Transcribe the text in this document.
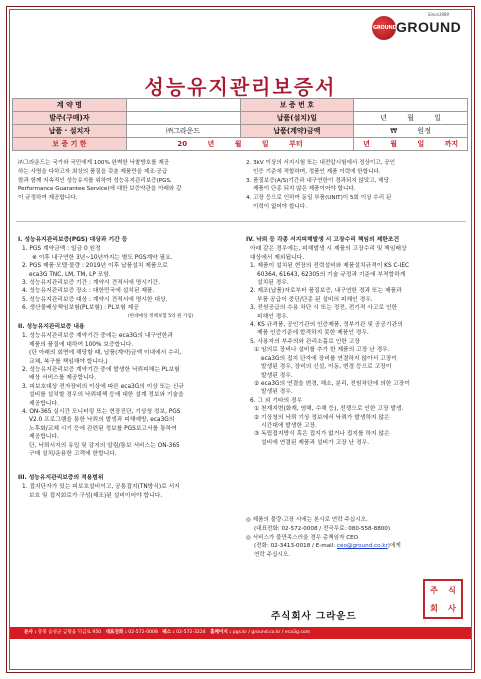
Since1989
GROUND GROUND
성능유지관리보증서
계 약 명		보 증 번 호	
발주(구매)자		납품(설치)일	년 월 일
납품 · 설치자	㈜그라운드	납품(계약)금액	₩ 원정
보 증 기 한	20 년 월 일 부터		년 월 일 까지
㈜그라운드는 국가와 국민에게 100% 완벽한 낙찰방호를 제공
하는 사명을 다하고자 최상의 품질을 갖춘 제품만을 제조·공급
함과 함께 지속적인 성능유지를 위하여 성능유지관리보증(PGS,
Performance Guarantee Service)에 대한 보증약관을 아래와 같
이 규정하여 제공합니다.
2. 3kV 이상의 서지시험 또는 내전압시험에서 정상이고, 공인
인증 기준에 적합하며, 정품인 제품 이력에 한합니다.
3. 품질보증(A/S)기간과 내구연한이 경과되지 않았고, 해당
제품이 단종 되지 않은 제품이어야 합니다.
4. 고장 등으로 인하여 동일 부품(UNIT)이 5회 이상 수리 된
이력이 없어야 합니다.
I. 성능유지관리보증(PGS) 대상과 기간 등
1. PGS 계약금액 : 일금 0 원정
※ 이후 내구연한 3년~10년까지는 별도 PGS계약 필요.
2. PGS 제품·모델·물량 : 2019년 이후 납품설치 제품으로
eca3G TNC, LM, TM, LP 포함.
3. 성능유지관리보증 기간 : 계약시 견적서에 명시기간.
4. 성능유지관리보증 장소 : 대한민국에 설치된 제품.
5. 성능유지관리보증 대상 : 계약시 견적서에 명시한 대상.
6. 생산물배상책임보험(PL보험) : PL보험 제공
(한대애상 정책보험 5억 원 가입)
II. 성능유지관리보증 내용
1. 성능유지관리보증 계약기간 중에는 eca3G의 내구연한과
제품의 품질에 대하여 100% 보증합니다.
(단 아래의 회면에 해당할 때, 납품(계약)금액 이내에서 수리,
교체, 복구를 책임해야 합니다.)
2. 성능유지관리보증 계약기간 중에 발생한 낙뢰피해는 PL보험
배상 서비스를 제공합니다.
3. 피보호대상 전자장비의 이상에 따른 eca3G의 이상 또는 신규
설비를 설치할 경우의 낙뢰대책 등에 대한 설계 정보와 기술을
제공합니다.
4. ON-365 실시간 모니터링 또는 현장진단, 기상청 정보, PGS
V2.0 프로그램을 통한 낙뢰의 발생과 피해예방, eca3G의
노후화/교체 시기 등에 관련된 정보를 PGS보고서를 통하여
제공합니다.
단, 낙뢰서지의 유입 및 감지의 알림/통보 서비스는 ON-365
구매 설치/운용한 고객에 한합니다.
III. 성능유지관리보증의 적용범위
1. 접지단자가 있는 피보호설비이고, 공통접지(TN방식)로 서지
보호 및 접지회로가 구성(제조)된 설비이어야 합니다.
IV. 낙뢰 등 각종 서지피해발생 시 고장수리 책임의 제한조건
아래 같은 경우에는, 피해발생 시 제품의 고장수리 및 책임배상
대상에서 제외됩니다.
1. 제품이 설치된 현장의 전력설비와 제품설치규격이 KS C-IEC
60364, 61643, 62305의 기술 규정과 기준에 부적합하게
설치된 경우.
2. 제조(납품)자로부터 품질보증, 내구연한 경과 또는 제품과
부품 공급이 중단/단종 된 설비의 피해인 경우.
3. 전원공급의 수용 차단 시 또는 정전, 전기적 사고로 인한
피해인 경우.
4. KS 규격품, 공인기관의 인증제품, 정부기관 및 공공기관의
제품 인증기준에 합격하지 못한 제품인 경우.
5. 사용자의 부주의와 관리소홀로 인한 고장
① 임의로 장비나 설비를 추가 한 제품의 고장 난 경우.
eca3G의 접지 단자에 장비를 연결하지 않아서 고장이
발생된 경우, 장비의 신설, 이동, 변경 등으로 고장이
발생된 경우.
② eca3G의 연결을 변경, 해소, 분리, 전원차단에 의한 고장이
발생된 경우.
6. 그 외 기타의 경우
① 천재지변(화재, 염해, 수해 등), 전쟁으로 인한 고장 발생.
② 기상청의 낙뢰 기상 정보에서 낙뢰가 발생하지 않은
시간대에 발생한 고장.
③ 독립접지방식 혹은 접지가 없거나 접지를 하지 않은
설비에 연결된 제품과 설비가 고장 난 경우.
◎ 제품의 불량·고장 시에는 본사로 연락 주십시오.
(대표전화: 02-572-0008 / 전국무료: 080-558-8800)
◎ 서비스가 불만족스러울 경우 총책임자 CEO
(전화: 02-3413-0018 / E-mail: ceo@ground.co.kr)에게
연락 주십시오.
주식회사 그라운드
주	식
회	사
본사 : 충북 음성군 금왕읍 덕금로 950 대표전화 : 02-572-0008 팩스 : 02-572-3224 홈페이지 : pgs.kr / ground.co.kr / eca3g.com
